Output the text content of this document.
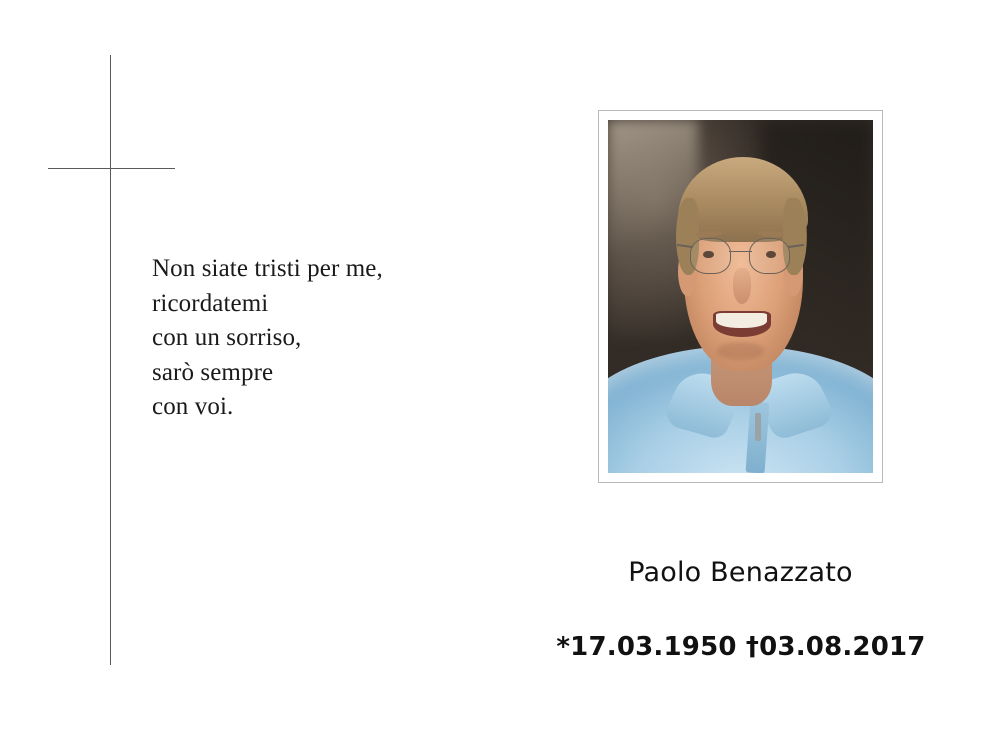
Non siate tristi per me,
ricordatemi
con un sorriso,
sarò sempre
con voi.
Paolo Benazzato
*17.03.1950 †03.08.2017
